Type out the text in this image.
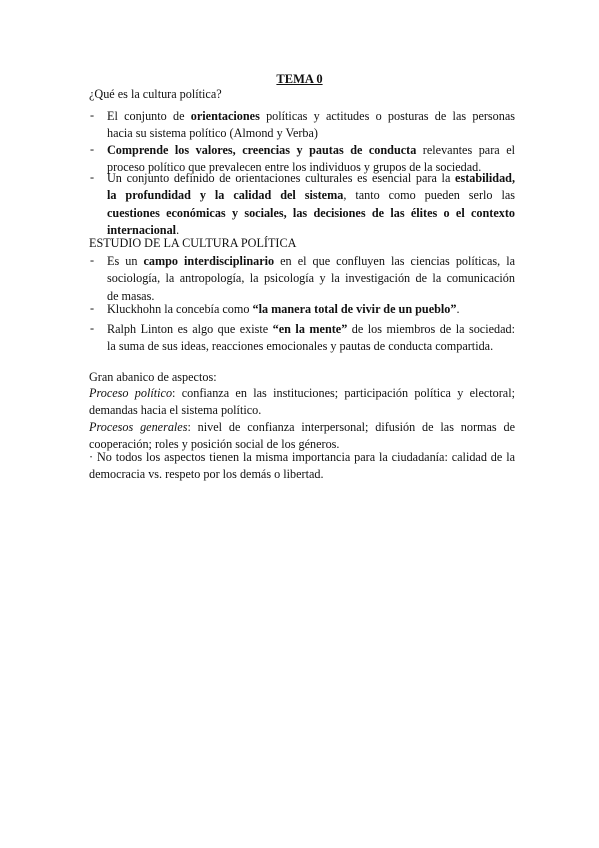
TEMA 0
¿Qué es la cultura política?
- El conjunto de orientaciones políticas y actitudes o posturas de las personas

hacia su sistema político (Almond y Verba)

- Comprende los valores, creencias y pautas de conducta relevantes para el

proceso político que prevalecen entre los individuos y grupos de la sociedad.

- Un conjunto definido de orientaciones culturales es esencial para la estabilidad,

la profundidad y la calidad del sistema, tanto como pueden serlo las

cuestiones económicas y sociales, las decisiones de las élites o el contexto

internacional.

ESTUDIO DE LA CULTURA POLÍTICA
- Es un campo interdisciplinario en el que confluyen las ciencias políticas, la

sociología, la antropología, la psicología y la investigación de la comunicación

de masas.

- Kluckhohn la concebía como “la manera total de vivir de un pueblo”.

- Ralph Linton es algo que existe “en la mente” de los miembros de la sociedad:

la suma de sus ideas, reacciones emocionales y pautas de conducta compartida.

Gran abanico de aspectos:

Proceso político: confianza en las instituciones; participación política y electoral;

demandas hacia el sistema político.

Procesos generales: nivel de confianza interpersonal; difusión de las normas de

cooperación; roles y posición social de los géneros.

· No todos los aspectos tienen la misma importancia para la ciudadanía: calidad de la

democracia vs. respeto por los demás o libertad.
